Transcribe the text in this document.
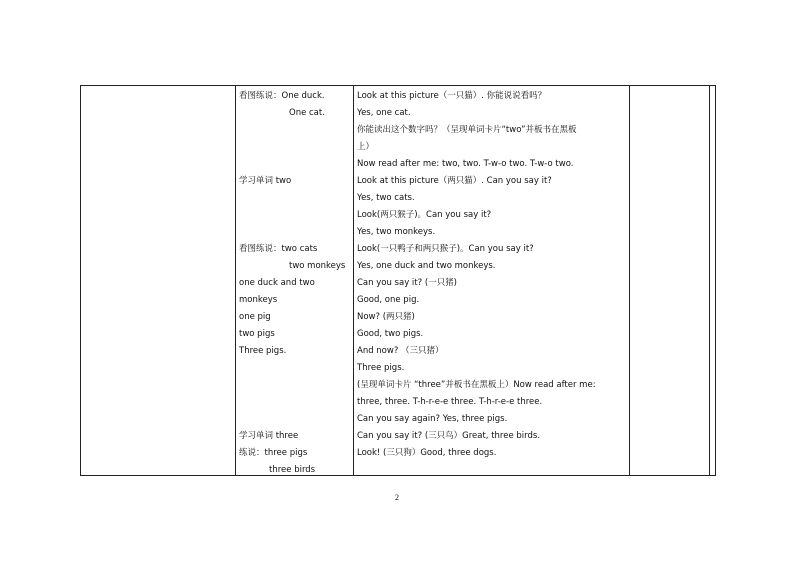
看图练说：One duck.
One cat.
学习单词 two
看图练说：two cats
two monkeys
one duck and two
monkeys
one pig
two pigs
Three pigs.
学习单词 three
练说：three pigs
three birds
Look at this picture（一只猫）. 你能说说看吗？
Yes, one cat.
你能读出这个数字吗？（呈现单词卡片“two”并板书在黑板
上）
Now read after me: two, two. T-w-o two. T-w-o two.
Look at this picture（两只猫）. Can you say it?
Yes, two cats.
Look(两只猴子)。Can you say it?
Yes, two monkeys.
Look(一只鸭子和两只猴子)。Can you say it?
Yes, one duck and two monkeys.
Can you say it? (一只猪)
Good, one pig.
Now? (两只猪)
Good, two pigs.
And now? （三只猪）
Three pigs.
(呈现单词卡片 “three”并板书在黑板上）Now read after me:
three, three. T-h-r-e-e three. T-h-r-e-e three.
Can you say again? Yes, three pigs.
Can you say it? (三只鸟）Great, three birds.
Look! (三只狗）Good, three dogs.
2
